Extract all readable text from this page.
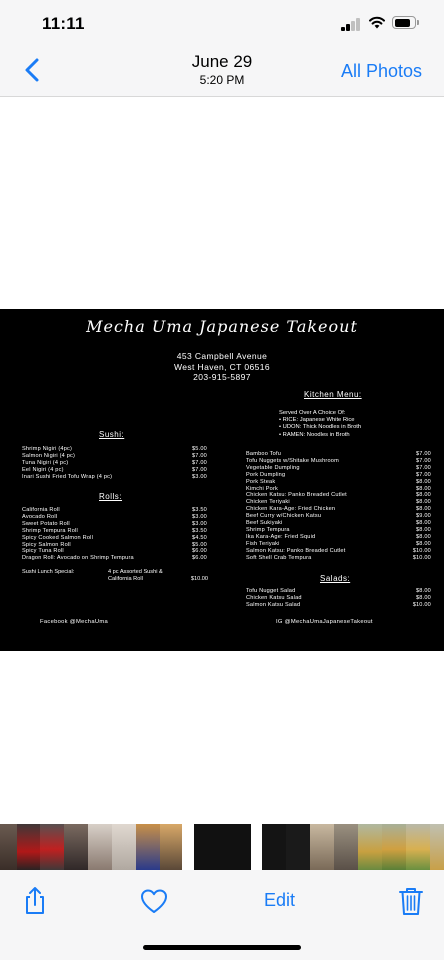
11:11
June 29
5:20 PM	All Photos
Mecha Uma Japanese Takeout
453 Campbell Avenue
West Haven, CT 06516
203-915-5897
Kitchen Menu:
Served Over A Choice Of:
• RICE: Japanese White Rice
• UDON: Thick Noodles in Broth
• RAMEN: Noodles in Broth
Sushi:
Shrimp Nigiri (4pc)	$5.00
Salmon Nigiri (4 pc)	$7.00
Tuna Nigiri (4 pc)	$7.00
Eel Nigiri (4 pc)	$7.00
Inari Sushi Fried Tofu Wrap (4 pc)	$3.00
Rolls:
California Roll	$3.50
Avocado Roll	$3.00
Sweet Potato Roll	$3.00
Shrimp Tempura Roll	$3.50
Spicy Cooked Salmon Roll	$4.50
Spicy Salmon Roll	$5.00
Spicy Tuna Roll	$6.00
Dragon Roll: Avocado on Shrimp Tempura	$6.00
Sushi Lunch Special:	4 pc Assorted Sushi &
California Roll	$10.00
Bamboo Tofu	$7.00
Tofu Nuggets w/Shitake Mushroom	$7.00
Vegetable Dumpling	$7.00
Pork Dumpling	$7.00
Pork Steak	$8.00
Kimchi Pork	$8.00
Chicken Katsu: Panko Breaded Cutlet	$8.00
Chicken Teriyaki	$8.00
Chicken Kara-Age: Fried Chicken	$8.00
Beef Curry w/Chicken Katsu	$9.00
Beef Sukiyaki	$8.00
Shrimp Tempura	$8.00
Ika Kara-Age: Fried Squid	$8.00
Fish Teriyaki	$8.00
Salmon Katsu: Panko Breaded Cutlet	$10.00
Soft Shell Crab Tempura	$10.00
Salads:
Tofu Nugget Salad	$8.00
Chicken Katsu Salad	$8.00
Salmon Katsu Salad	$10.00
Facebook @MechaUma	IG @MechaUmaJapaneseTakeout
Edit
